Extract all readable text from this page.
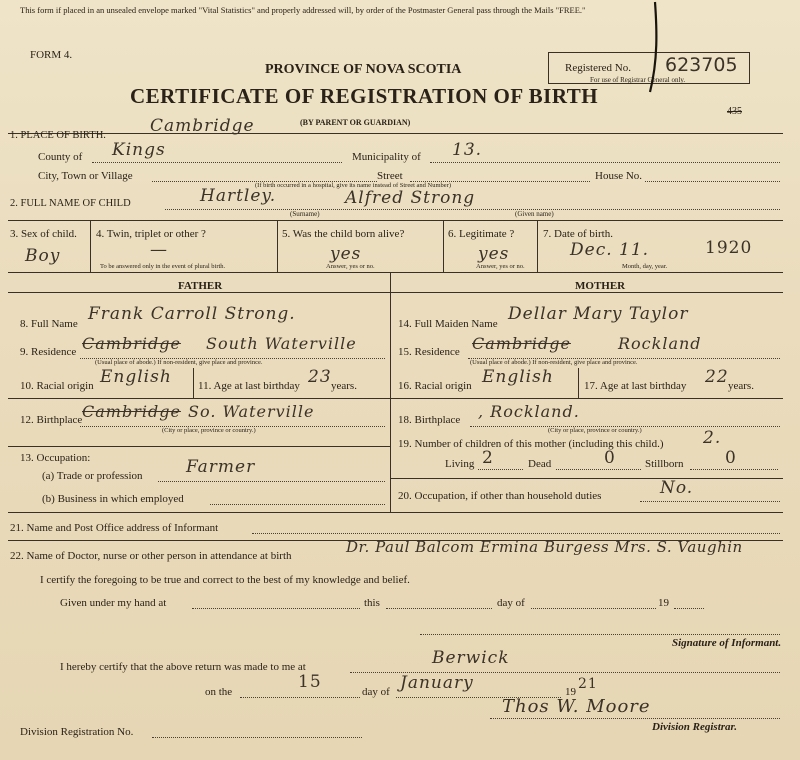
This form if placed in an unsealed envelope marked "Vital Statistics" and properly addressed will, by order of the Postmaster General pass through the Mails "FREE."
FORM 4.
PROVINCE OF NOVA SCOTIA
CERTIFICATE OF REGISTRATION OF BIRTH
(BY PARENT OR GUARDIAN)
Registered No. 623705
For use of Registrar General only.
435
1. PLACE OF BIRTH.	Cambridge
County of Kings	Municipality of 13.
City, Town or Village	Street	House No.
(If birth occurred in a hospital, give its name instead of Street and Number)
2. FULL NAME OF CHILD	Hartley.	Alfred Strong
(Surname)	(Given name)
3. Sex of child.
Boy
4. Twin, triplet or other ?
—
To be answered only in the event of plural birth.
5. Was the child born alive?
yes
Answer, yes or no.
6. Legitimate ?
yes
Answer, yes or no.
7. Date of birth.
Dec. 11.	1920
Month, day, year.
FATHER	MOTHER
8. Full Name Frank Carroll Strong.
9. Residence Cambridge South Waterville
(Usual place of abode.) If non-resident, give place and province.
10. Racial origin English 11. Age at last birthday 23 years.
12. Birthplace Cambridge So. Waterville
(City or place, province or country.)
13. Occupation:
(a) Trade or profession	Farmer
(b) Business in which employed
14. Full Maiden Name Dellar Mary Taylor
15. Residence Cambridge	Rockland
(Usual place of abode.) If non-resident, give place and province.
16. Racial origin English	17. Age at last birthday 22 years.
18. Birthplace , Rockland.
(City or place, province or country.)
19. Number of children of this mother (including this child.) 2.
Living 2	Dead	0	Stillborn 0
20. Occupation, if other than household duties	No.
21. Name and Post Office address of Informant
22. Name of Doctor, nurse or other person in attendance at birth	Dr. Paul Balcom Ermina Burgess Mrs. S. Vaughin
I certify the foregoing to be true and correct to the best of my knowledge and belief.
Given under my hand at	this	day of	19
Signature of Informant.
I hereby certify that the above return was made to me at	Berwick
on the	15	day of January	19 21
Thos W. Moore
Division Registration No.	Division Registrar.
